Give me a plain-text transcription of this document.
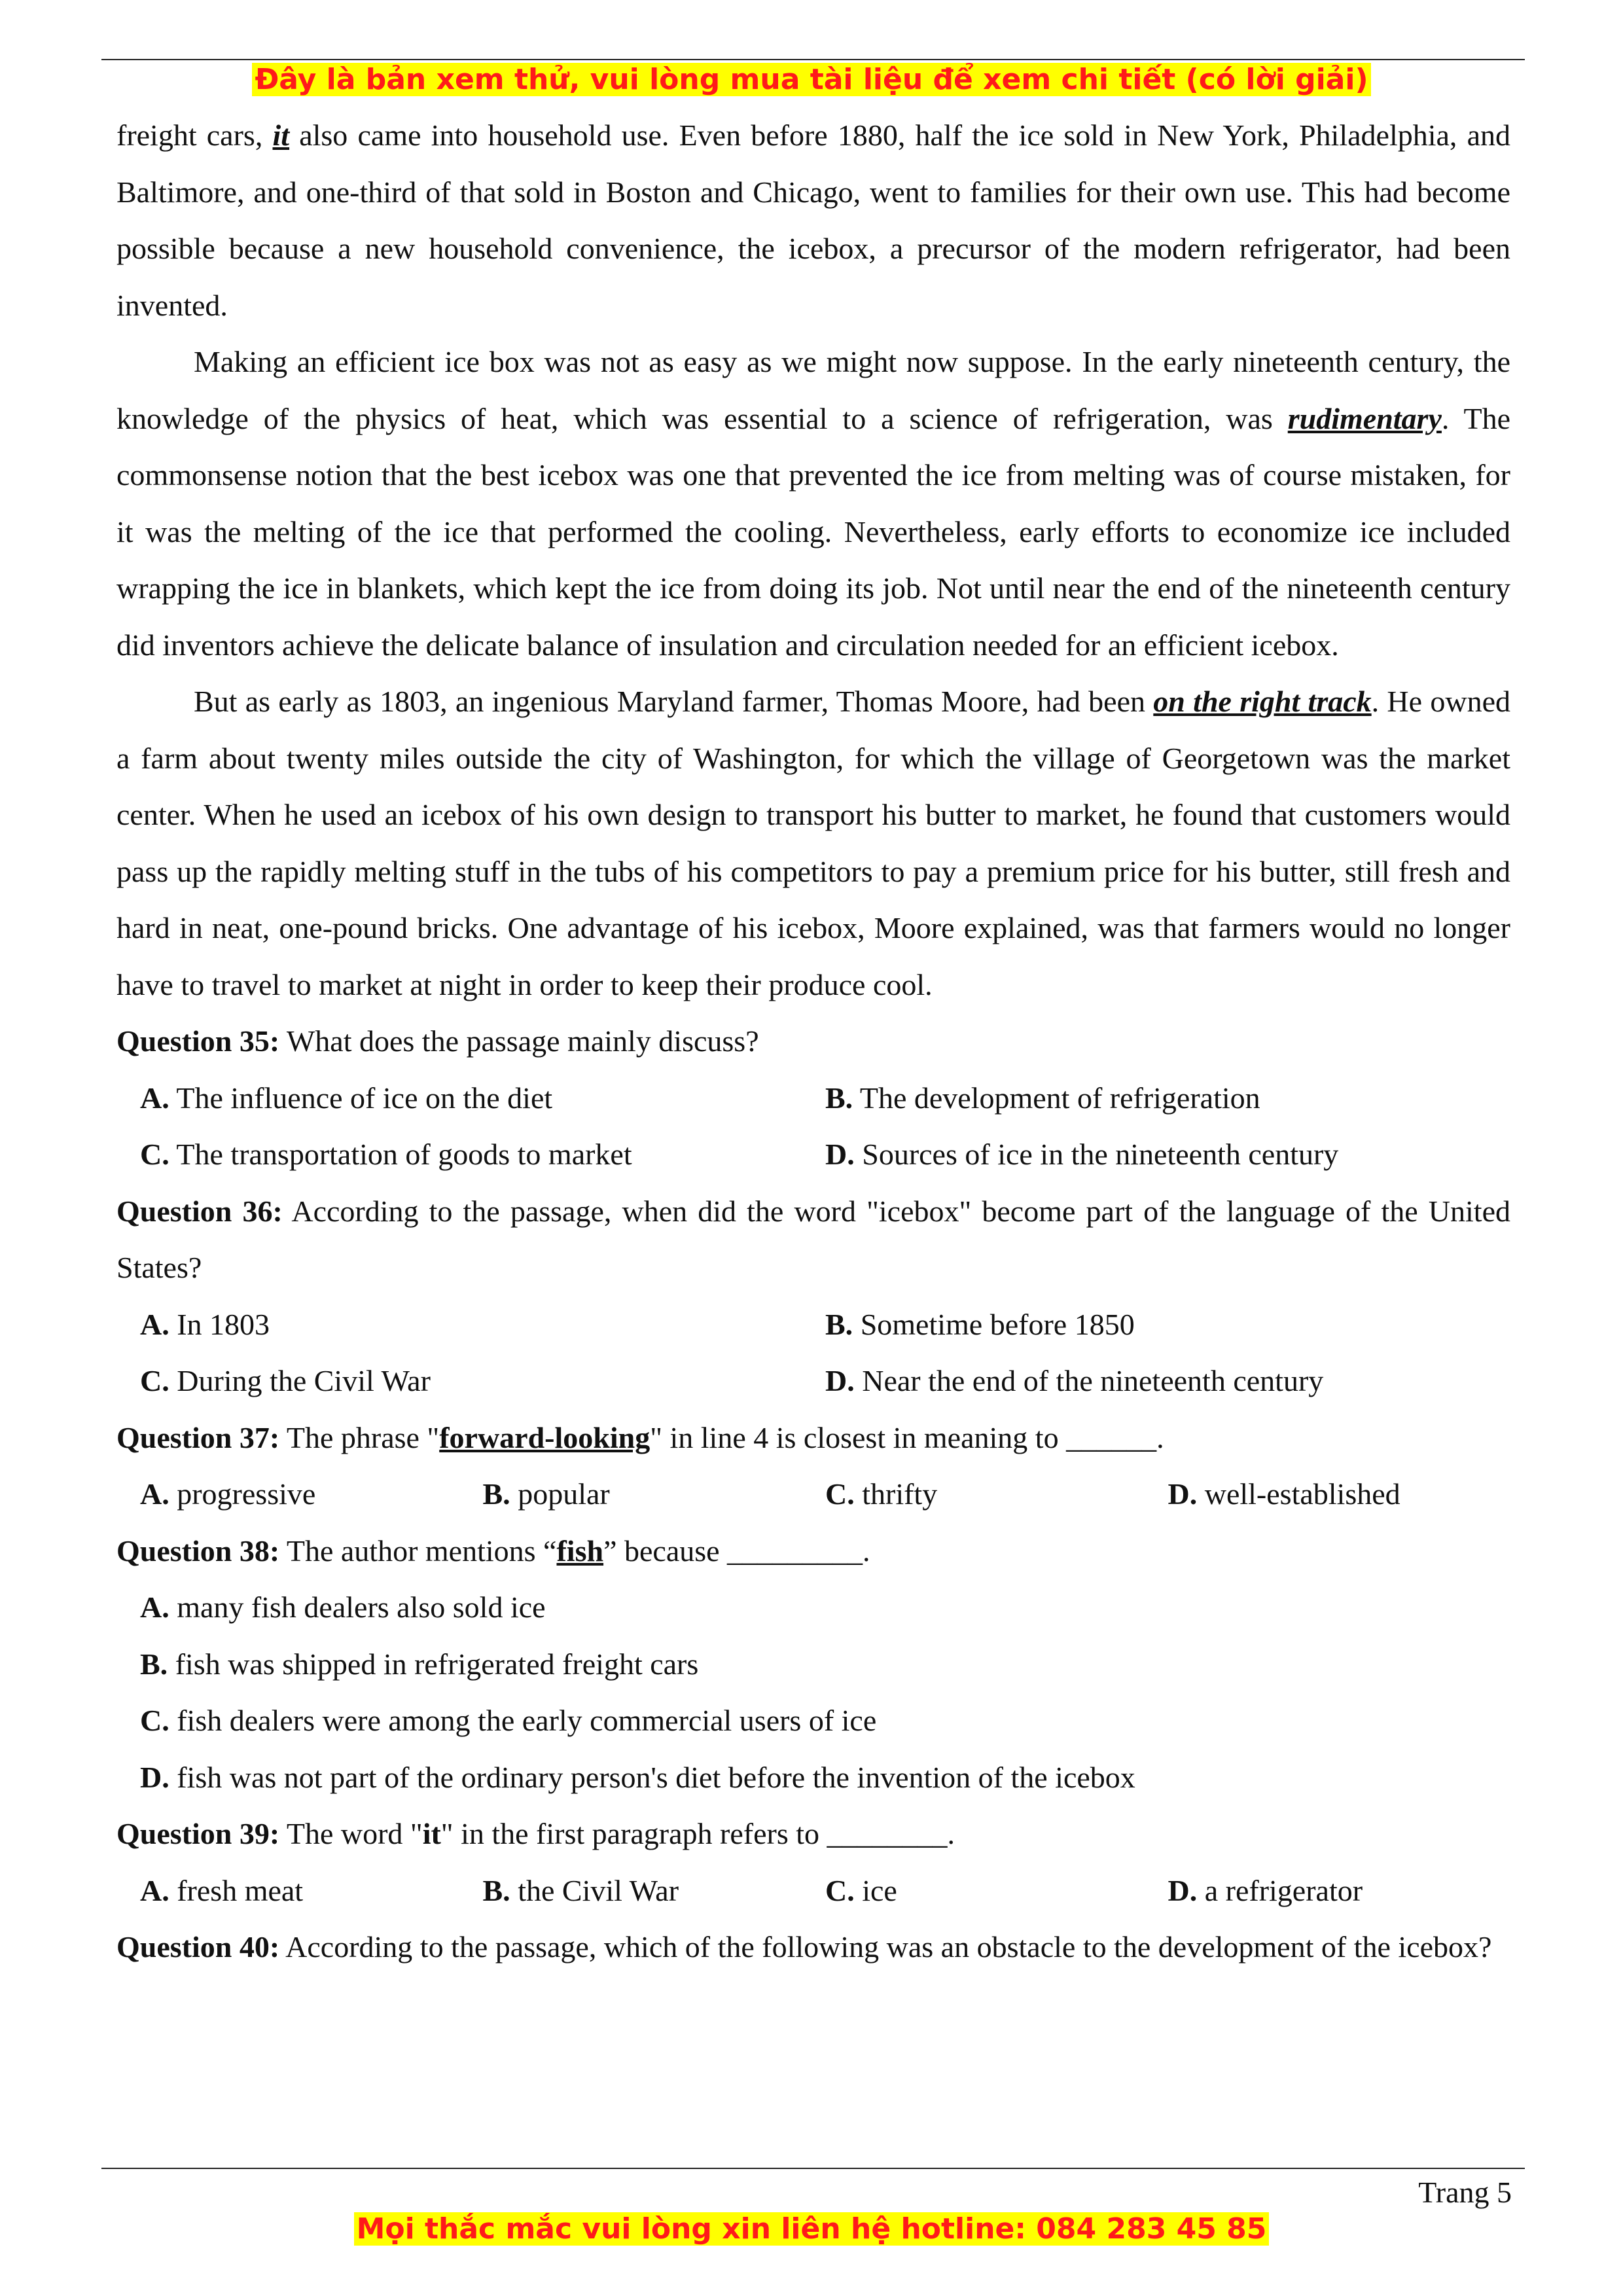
Đây là bản xem thử, vui lòng mua tài liệu để xem chi tiết (có lời giải)

freight cars, it also came into household use. Even before 1880, half the ice sold in New York, Philadelphia, and Baltimore, and one-third of that sold in Boston and Chicago, went to families for their own use. This had become possible because a new household convenience, the icebox, a precursor of the modern refrigerator, had been invented.

Making an efficient ice box was not as easy as we might now suppose. In the early nineteenth century, the knowledge of the physics of heat, which was essential to a science of refrigeration, was rudimentary. The commonsense notion that the best icebox was one that prevented the ice from melting was of course mistaken, for it was the melting of the ice that performed the cooling. Nevertheless, early efforts to economize ice included wrapping the ice in blankets, which kept the ice from doing its job. Not until near the end of the nineteenth century did inventors achieve the delicate balance of insulation and circulation needed for an efficient icebox.

But as early as 1803, an ingenious Maryland farmer, Thomas Moore, had been on the right track. He owned a farm about twenty miles outside the city of Washington, for which the village of Georgetown was the market center. When he used an icebox of his own design to transport his butter to market, he found that customers would pass up the rapidly melting stuff in the tubs of his competitors to pay a premium price for his butter, still fresh and hard in neat, one-pound bricks. One advantage of his icebox, Moore explained, was that farmers would no longer have to travel to market at night in order to keep their produce cool.

Question 35: What does the passage mainly discuss?

A. The influence of ice on the diet	B. The development of refrigeration
C. The transportation of goods to market	D. Sources of ice in the nineteenth century

Question 36: According to the passage, when did the word "icebox" become part of the language of the United States?

A. In 1803	B. Sometime before 1850
C. During the Civil War	D. Near the end of the nineteenth century

Question 37: The phrase "forward-looking" in line 4 is closest in meaning to ______.

A. progressive	B. popular	C. thrifty	D. well-established

Question 38: The author mentions “fish” because _________.

A. many fish dealers also sold ice
B. fish was shipped in refrigerated freight cars
C. fish dealers were among the early commercial users of ice
D. fish was not part of the ordinary person's diet before the invention of the icebox

Question 39: The word "it" in the first paragraph refers to ________.

A. fresh meat	B. the Civil War	C. ice	D. a refrigerator

Question 40: According to the passage, which of the following was an obstacle to the development of the icebox?

Trang 5
Mọi thắc mắc vui lòng xin liên hệ hotline: 084 283 45 85
